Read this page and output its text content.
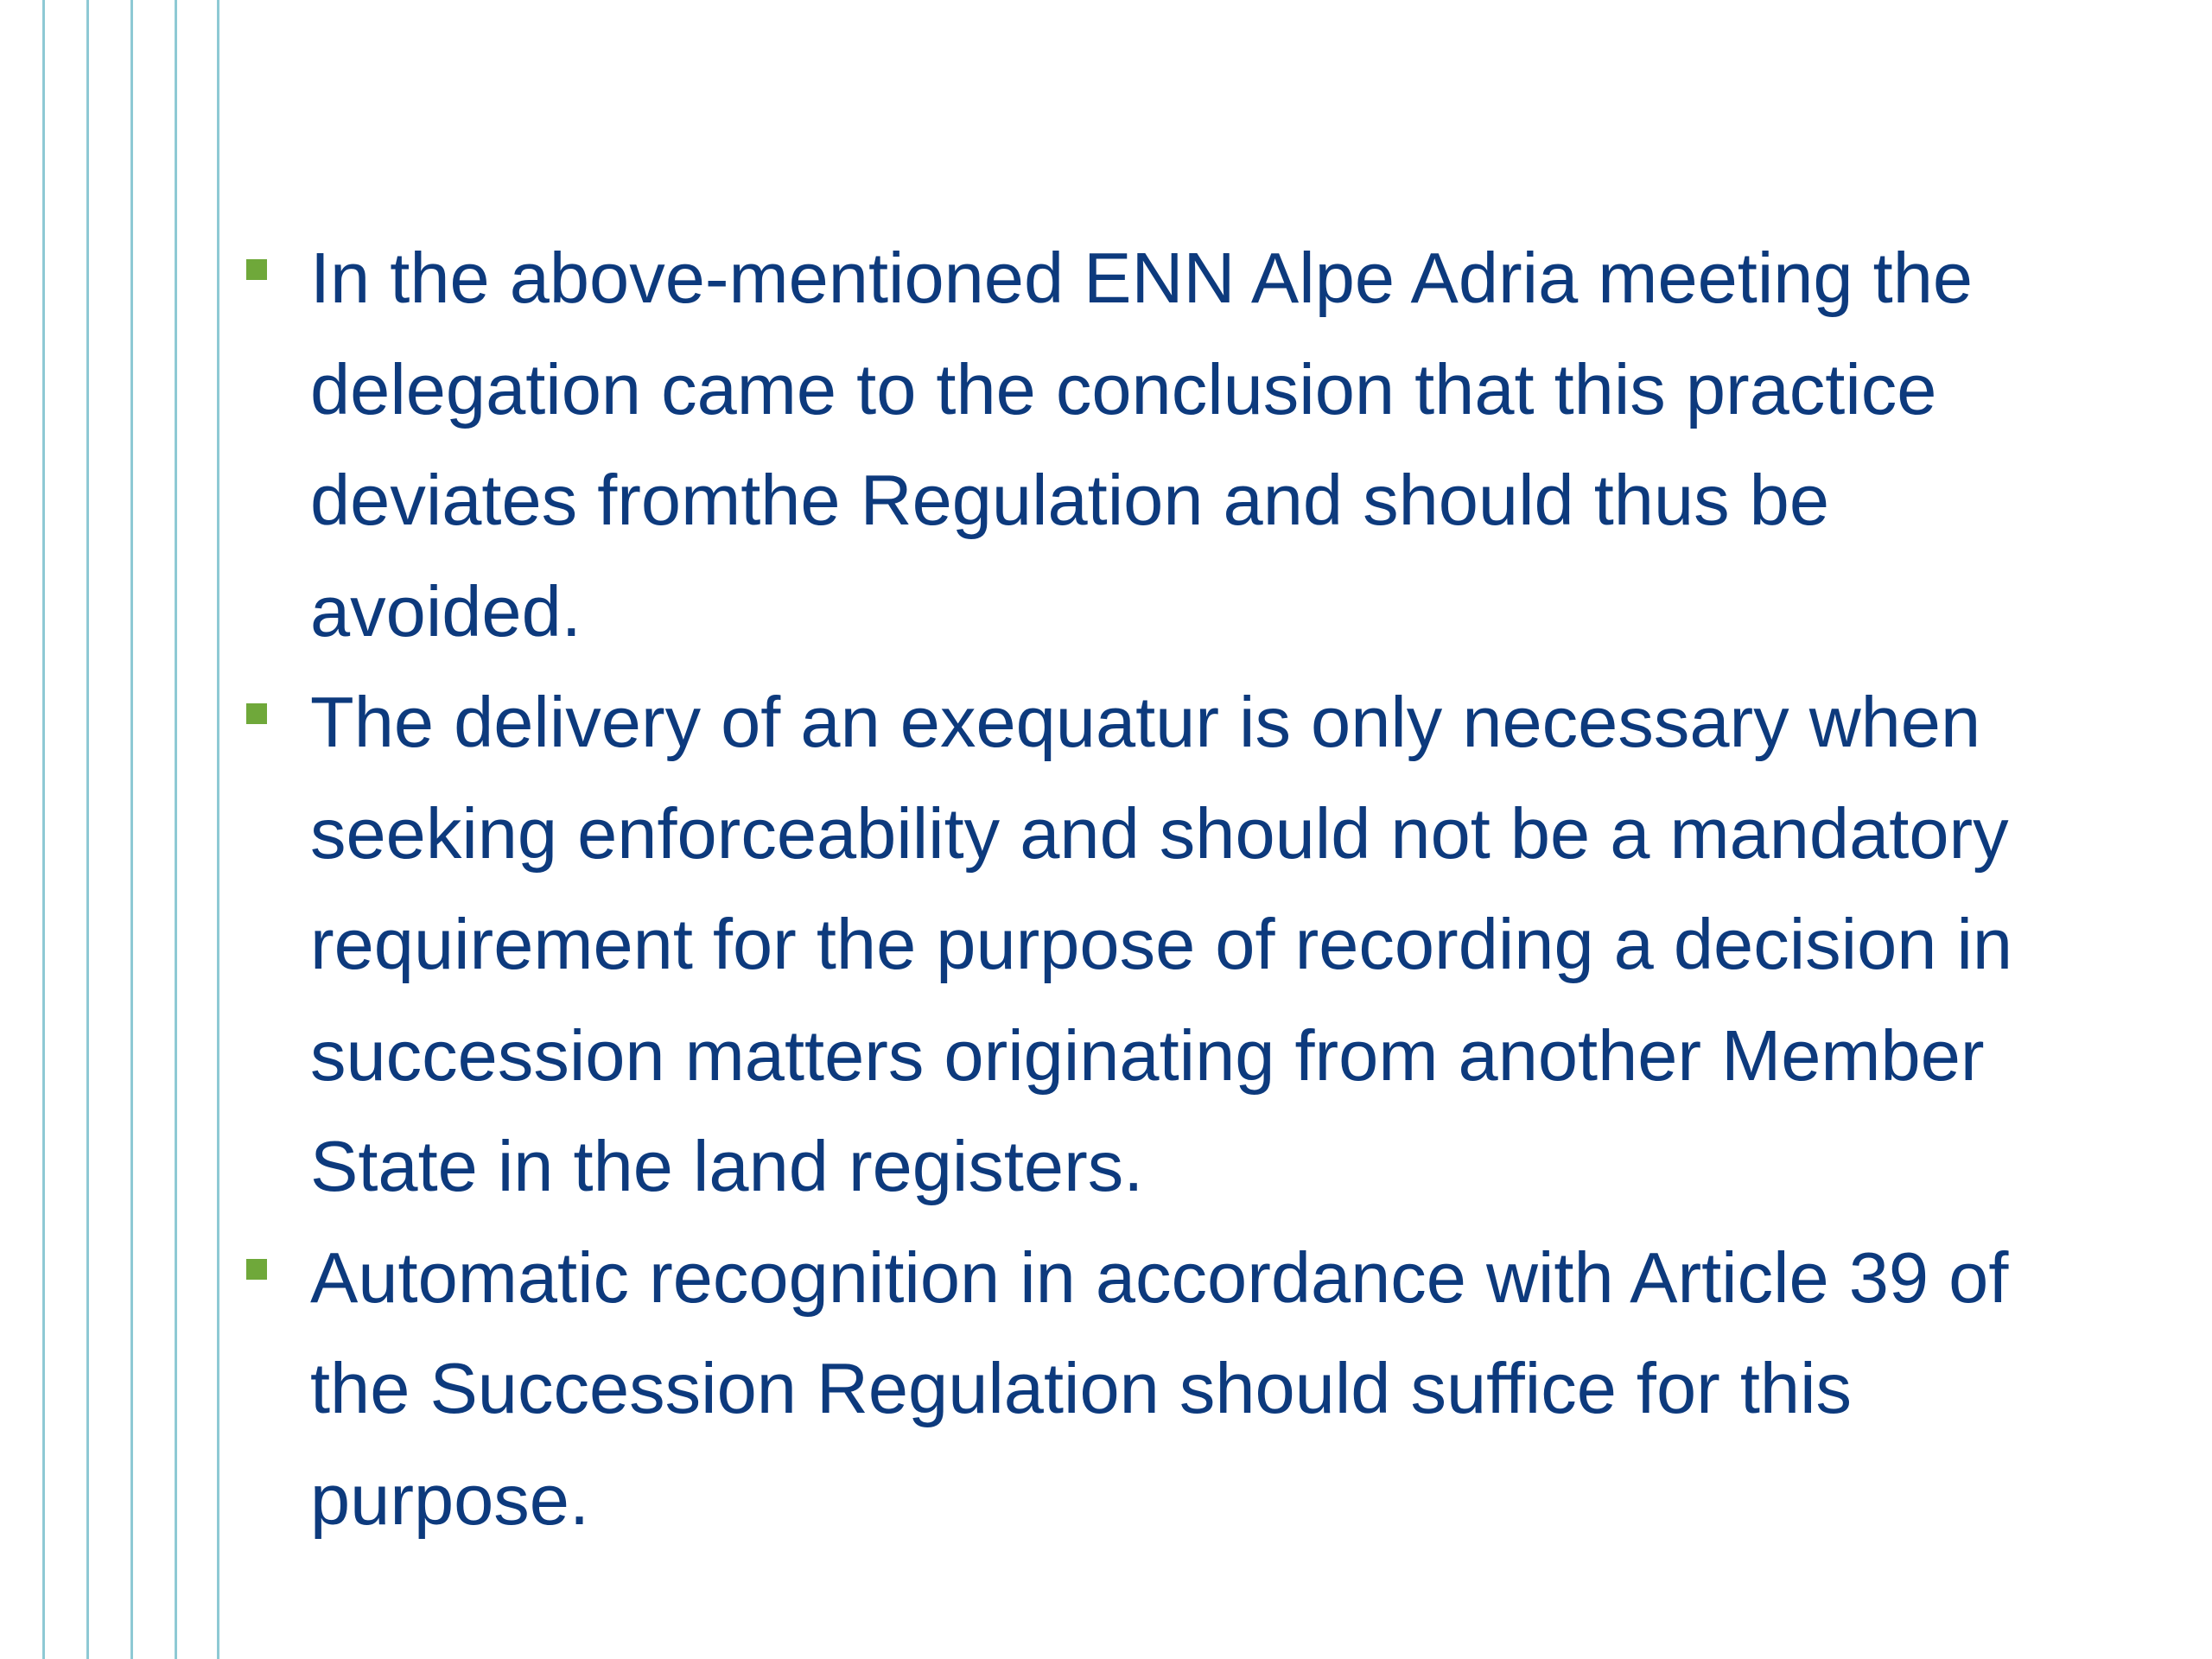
In the above-mentioned ENN Alpe Adria meeting the delegation came to the conclusion that this practice deviates fromthe Regulation and should thus be avoided.
The delivery of an exequatur is only necessary when seeking enforceability and should not be a mandatory requirement for the purpose of recording a decision in succession matters originating from another Member State in the land registers.
Automatic recognition in accordance with Article 39 of the Succession Regulation should suffice for this purpose.
